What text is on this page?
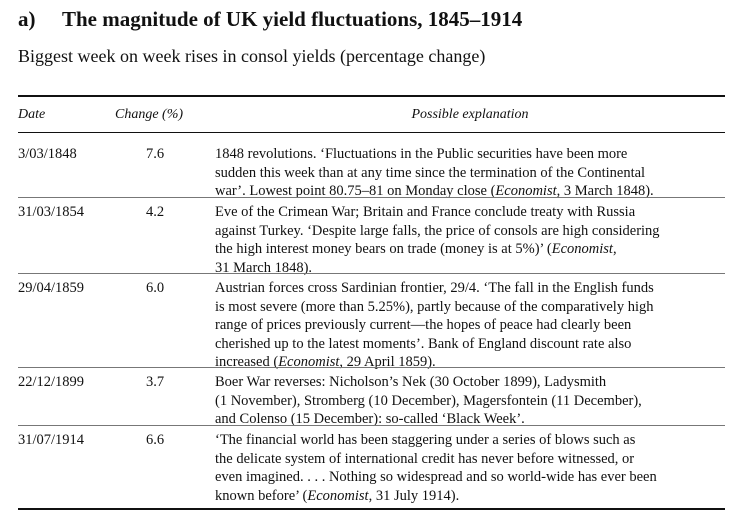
a) The magnitude of UK yield fluctuations, 1845–1914
Biggest week on week rises in consol yields (percentage change)
Date	Change (%)	Possible explanation
3/03/1848	7.6	1848 revolutions. ‘Fluctuations in the Public securities have been more
sudden this week than at any time since the termination of the Continental
war’. Lowest point 80.75–81 on Monday close (Economist, 3 March 1848).
31/03/1854	4.2	Eve of the Crimean War; Britain and France conclude treaty with Russia
against Turkey. ‘Despite large falls, the price of consols are high considering
the high interest money bears on trade (money is at 5%)’ (Economist,
31 March 1848).
29/04/1859	6.0	Austrian forces cross Sardinian frontier, 29/4. ‘The fall in the English funds
is most severe (more than 5.25%), partly because of the comparatively high
range of prices previously current—the hopes of peace had clearly been
cherished up to the latest moments’. Bank of England discount rate also
increased (Economist, 29 April 1859).
22/12/1899	3.7	Boer War reverses: Nicholson’s Nek (30 October 1899), Ladysmith
(1 November), Stromberg (10 December), Magersfontein (11 December),
and Colenso (15 December): so-called ‘Black Week’.
31/07/1914	6.6	‘The financial world has been staggering under a series of blows such as
the delicate system of international credit has never before witnessed, or
even imagined. . . . Nothing so widespread and so world-wide has ever been
known before’ (Economist, 31 July 1914).
